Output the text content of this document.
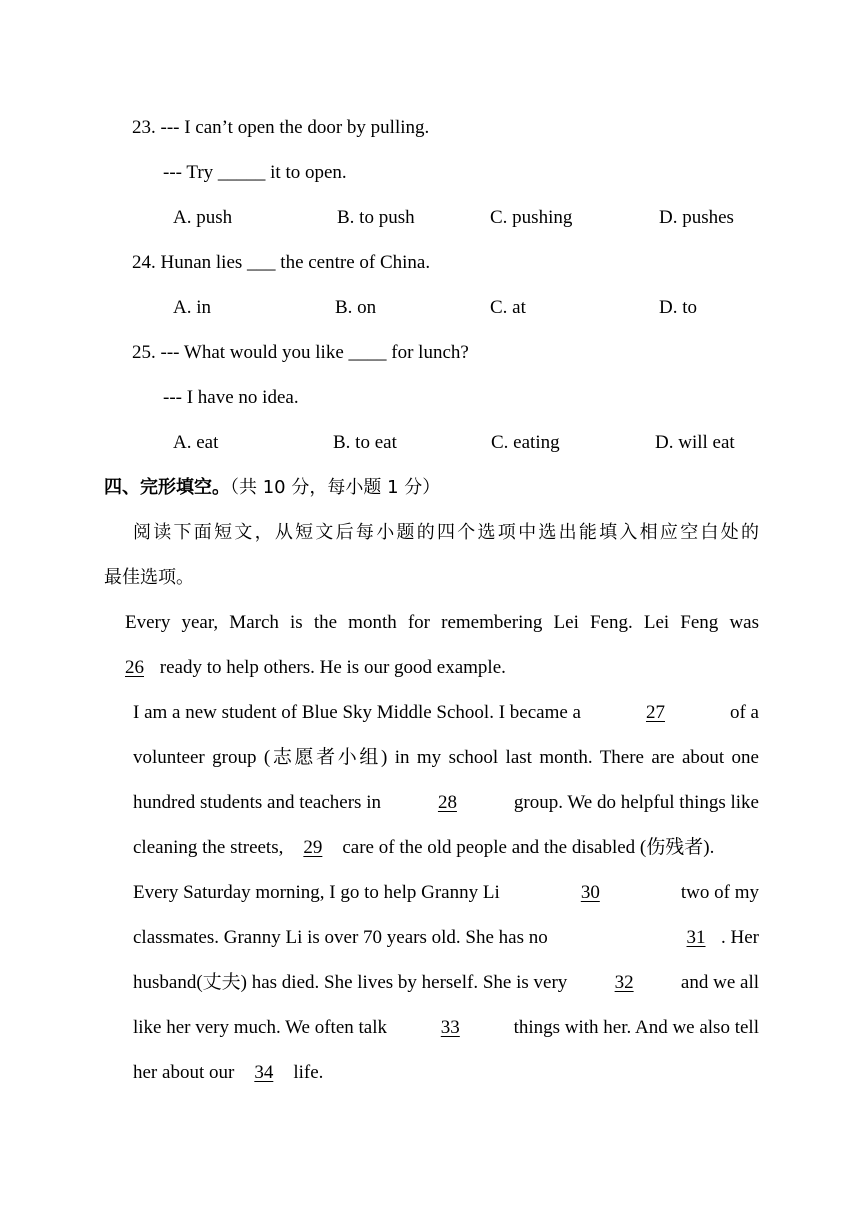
23. --- I can’t open the door by pulling.
--- Try _____ it to open.
A. push	B. to push	C. pushing	D. pushes
24. Hunan lies ___ the centre of China.
A. in	B. on	C. at	D. to
25. --- What would you like ____ for lunch?
--- I have no idea.
A. eat	B. to eat	C. eating	D. will eat
四、完形填空。（共 10 分，每小题 1 分）
阅读下面短文，从短文后每小题的四个选项中选出能填入相应空白处的
最佳选项。
Every year, March is the month for remembering Lei Feng. Lei Feng was
26 ready to help others. He is our good example.
I am a new student of Blue Sky Middle School. I became a	27	of a
volunteer group (志愿者小组) in my school last month. There are about one
hundred students and teachers in	28	group. We do helpful things like
cleaning the streets, 29 care of the old people and the disabled (伤残者).
Every Saturday morning, I go to help Granny Li	30	two of my
classmates. Granny Li is over 70 years old. She has no	31 . Her
husband(丈夫) has died. She lives by herself. She is very	32	and we all
like her very much. We often talk	33	things with her. And we also tell
her about our 34 life.
